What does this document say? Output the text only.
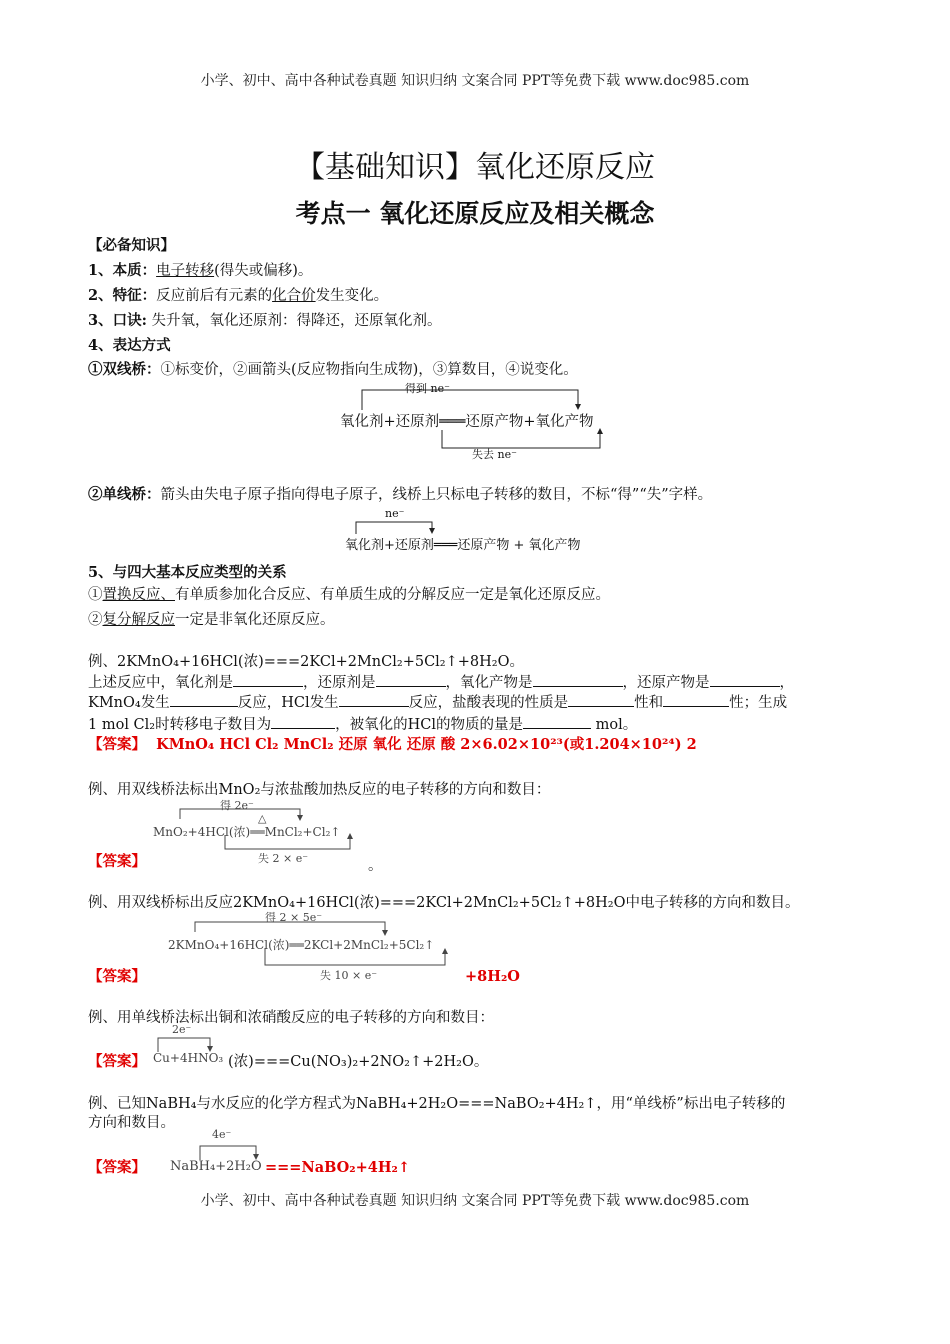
小学、初中、高中各种试卷真题 知识归纳 文案合同 PPT等免费下载 www.doc985.com
【基础知识】氧化还原反应
考点一 氧化还原反应及相关概念
【必备知识】
1、本质：电子转移(得失或偏移)。
2、特征：反应前后有元素的化合价发生变化。
3、口诀: 失升氧，氧化还原剂：得降还，还原氧化剂。
4、表达方式
①双线桥：①标变价，②画箭头(反应物指向生成物)，③算数目，④说变化。
得到 ne⁻
氧化剂+还原剂═══还原产物+氧化产物
失去 ne⁻
②单线桥：箭头由失电子原子指向得电子原子，线桥上只标电子转移的数目，不标“得”“失”字样。
ne⁻
氧化剂+还原剂═══还原产物 + 氧化产物
5、与四大基本反应类型的关系
①置换反应、有单质参加化合反应、有单质生成的分解反应一定是氧化还原反应。
②复分解反应一定是非氧化还原反应。
例、2KMnO₄+16HCl(浓)===2KCl+2MnCl₂+5Cl₂↑+8H₂O。
上述反应中，氧化剂是	，还原剂是	，氧化产物是	，还原产物是	，
KMnO₄发生	反应，HCl发生	反应，盐酸表现的性质是	性和	性；生成
1 mol Cl₂时转移电子数目为	，被氧化的HCl的物质的量是	mol。
【答案】 KMnO₄ HCl Cl₂ MnCl₂ 还原 氧化 还原 酸 2×6.02×10²³(或1.204×10²⁴) 2
例、用双线桥法标出MnO₂与浓盐酸加热反应的电子转移的方向和数目：
得 2e⁻
△
MnO₂+4HCl(浓)══MnCl₂+Cl₂↑
失 2 × e⁻
【答案】	。
例、用双线桥标出反应2KMnO₄+16HCl(浓)===2KCl+2MnCl₂+5Cl₂↑+8H₂O中电子转移的方向和数目。
得 2 × 5e⁻
2KMnO₄+16HCl(浓)══2KCl+2MnCl₂+5Cl₂↑
失 10 × e⁻
【答案】	+8H₂O
例、用单线桥法标出铜和浓硝酸反应的电子转移的方向和数目：
2e⁻
【答案】 Cu+4HNO₃ (浓)===Cu(NO₃)₂+2NO₂↑+2H₂O。
例、已知NaBH₄与水反应的化学方程式为NaBH₄+2H₂O===NaBO₂+4H₂↑，用“单线桥”标出电子转移的
方向和数目。
4e⁻
【答案】 NaBH₄+2H₂O ===NaBO₂+4H₂↑
小学、初中、高中各种试卷真题 知识归纳 文案合同 PPT等免费下载 www.doc985.com
